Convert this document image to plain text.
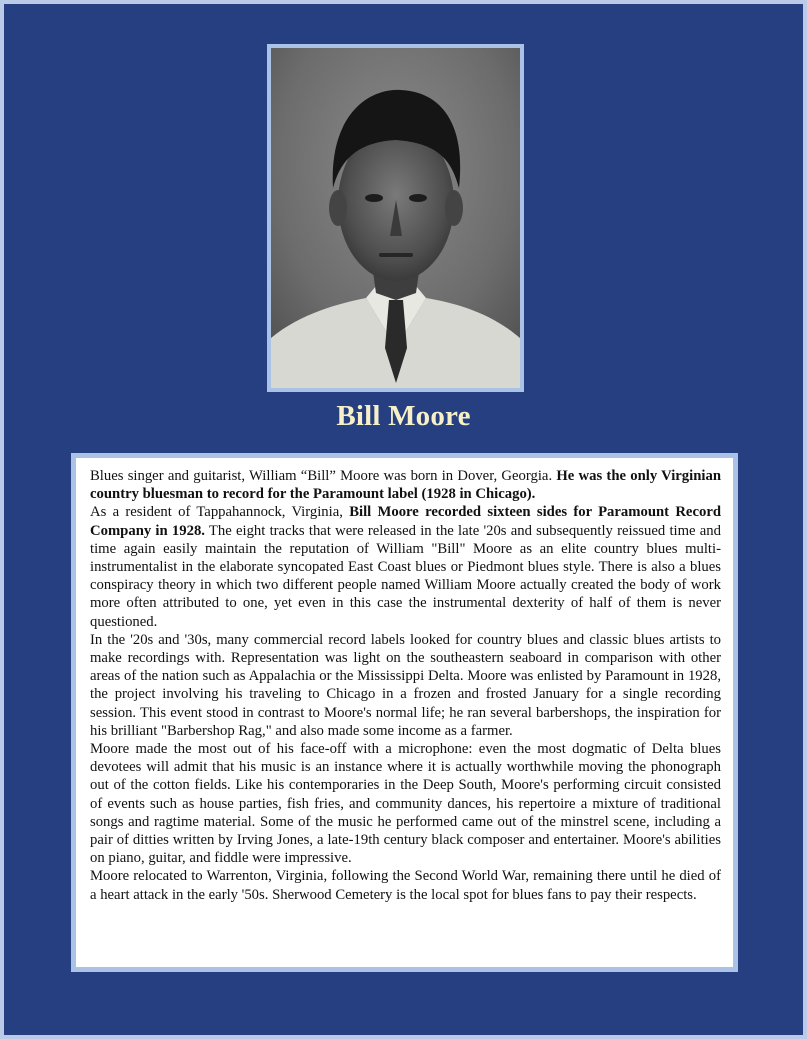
Bill Moore

Blues singer and guitarist, William “Bill” Moore was born in Dover, Georgia. He was the only Virginian country bluesman to record for the Paramount label (1928 in Chicago).

As a resident of Tappahannock, Virginia, Bill Moore recorded sixteen sides for Paramount Record Company in 1928. The eight tracks that were released in the late '20s and subsequently reissued time and time again easily maintain the reputation of William "Bill" Moore as an elite country blues multi-instrumentalist in the elaborate syncopated East Coast blues or Piedmont blues style. There is also a blues conspiracy theory in which two different people named William Moore actually created the body of work more often attributed to one, yet even in this case the instrumental dexterity of half of them is never questioned.

In the '20s and '30s, many commercial record labels looked for country blues and classic blues artists to make recordings with. Representation was light on the southeastern seaboard in comparison with other areas of the nation such as Appalachia or the Mississippi Delta. Moore was enlisted by Paramount in 1928, the project involving his traveling to Chicago in a frozen and frosted January for a single recording session. This event stood in contrast to Moore's normal life; he ran several barbershops, the inspiration for his brilliant "Barbershop Rag," and also made some income as a farmer.

Moore made the most out of his face-off with a microphone: even the most dogmatic of Delta blues devotees will admit that his music is an instance where it is actually worthwhile moving the phonograph out of the cotton fields. Like his contemporaries in the Deep South, Moore's performing circuit consisted of events such as house parties, fish fries, and community dances, his repertoire a mixture of traditional songs and ragtime material. Some of the music he performed came out of the minstrel scene, including a pair of ditties written by Irving Jones, a late-19th century black composer and entertainer. Moore's abilities on piano, guitar, and fiddle were impressive.

Moore relocated to Warrenton, Virginia, following the Second World War, remaining there until he died of a heart attack in the early '50s. Sherwood Cemetery is the local spot for blues fans to pay their respects.
